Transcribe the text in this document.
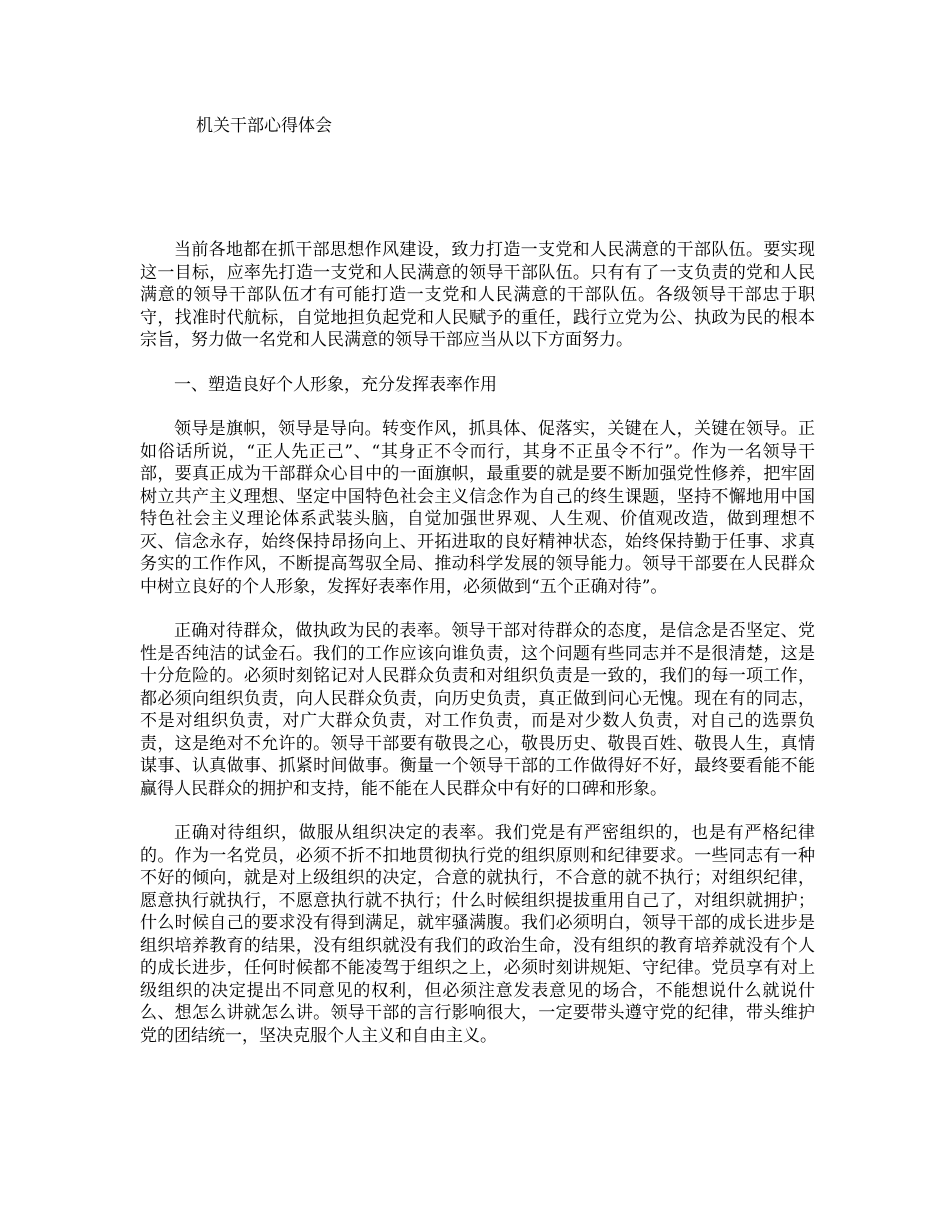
机关干部心得体会

当前各地都在抓干部思想作风建设，致力打造一支党和人民满意的干部队伍。要实现这一目标，应率先打造一支党和人民满意的领导干部队伍。只有有了一支负责的党和人民满意的领导干部队伍才有可能打造一支党和人民满意的干部队伍。各级领导干部忠于职守，找准时代航标，自觉地担负起党和人民赋予的重任，践行立党为公、执政为民的根本宗旨，努力做一名党和人民满意的领导干部应当从以下方面努力。

一、塑造良好个人形象，充分发挥表率作用

领导是旗帜，领导是导向。转变作风，抓具体、促落实，关键在人，关键在领导。正如俗话所说，“正人先正己”、“其身正不令而行，其身不正虽令不行”。作为一名领导干部，要真正成为干部群众心目中的一面旗帜，最重要的就是要不断加强党性修养，把牢固树立共产主义理想、坚定中国特色社会主义信念作为自己的终生课题，坚持不懈地用中国特色社会主义理论体系武装头脑，自觉加强世界观、人生观、价值观改造，做到理想不灭、信念永存，始终保持昂扬向上、开拓进取的良好精神状态，始终保持勤于任事、求真务实的工作作风，不断提高驾驭全局、推动科学发展的领导能力。领导干部要在人民群众中树立良好的个人形象，发挥好表率作用，必须做到“五个正确对待”。

正确对待群众，做执政为民的表率。领导干部对待群众的态度，是信念是否坚定、党性是否纯洁的试金石。我们的工作应该向谁负责，这个问题有些同志并不是很清楚，这是十分危险的。必须时刻铭记对人民群众负责和对组织负责是一致的，我们的每一项工作，都必须向组织负责，向人民群众负责，向历史负责，真正做到问心无愧。现在有的同志，不是对组织负责，对广大群众负责，对工作负责，而是对少数人负责，对自己的选票负责，这是绝对不允许的。领导干部要有敬畏之心，敬畏历史、敬畏百姓、敬畏人生，真情谋事、认真做事、抓紧时间做事。衡量一个领导干部的工作做得好不好，最终要看能不能赢得人民群众的拥护和支持，能不能在人民群众中有好的口碑和形象。

正确对待组织，做服从组织决定的表率。我们党是有严密组织的，也是有严格纪律的。作为一名党员，必须不折不扣地贯彻执行党的组织原则和纪律要求。一些同志有一种不好的倾向，就是对上级组织的决定，合意的就执行，不合意的就不执行；对组织纪律，愿意执行就执行，不愿意执行就不执行；什么时候组织提拔重用自己了，对组织就拥护；什么时候自己的要求没有得到满足，就牢骚满腹。我们必须明白，领导干部的成长进步是组织培养教育的结果，没有组织就没有我们的政治生命，没有组织的教育培养就没有个人的成长进步，任何时候都不能凌驾于组织之上，必须时刻讲规矩、守纪律。党员享有对上级组织的决定提出不同意见的权利，但必须注意发表意见的场合，不能想说什么就说什么、想怎么讲就怎么讲。领导干部的言行影响很大，一定要带头遵守党的纪律，带头维护党的团结统一，坚决克服个人主义和自由主义。
